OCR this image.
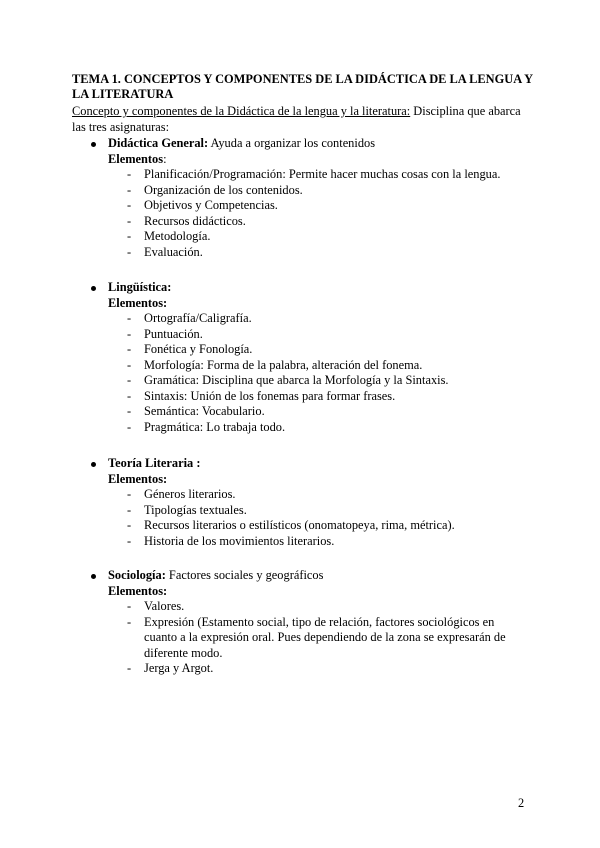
TEMA 1. CONCEPTOS Y COMPONENTES DE LA DIDÁCTICA DE LA LENGUA Y LA LITERATURA
Concepto y componentes de la Didáctica de la lengua y la literatura: Disciplina que abarca las tres asignaturas:
Didáctica General: Ayuda a organizar los contenidos
Elementos:
- Planificación/Programación: Permite hacer muchas cosas con la lengua.
- Organización de los contenidos.
- Objetivos y Competencias.
- Recursos didácticos.
- Metodología.
- Evaluación.
Lingüística:
Elementos:
- Ortografía/Caligrafía.
- Puntuación.
- Fonética y Fonología.
- Morfología: Forma de la palabra, alteración del fonema.
- Gramática: Disciplina que abarca la Morfología y la Sintaxis.
- Sintaxis: Unión de los fonemas para formar frases.
- Semántica: Vocabulario.
- Pragmática: Lo trabaja todo.
Teoría Literaria :
Elementos:
- Géneros literarios.
- Tipologías textuales.
- Recursos literarios o estilísticos (onomatopeya, rima, métrica).
- Historia de los movimientos literarios.
Sociología: Factores sociales y geográficos
Elementos:
- Valores.
- Expresión (Estamento social, tipo de relación, factores sociológicos en cuanto a la expresión oral. Pues dependiendo de la zona se expresarán de diferente modo.
- Jerga y Argot.
2
